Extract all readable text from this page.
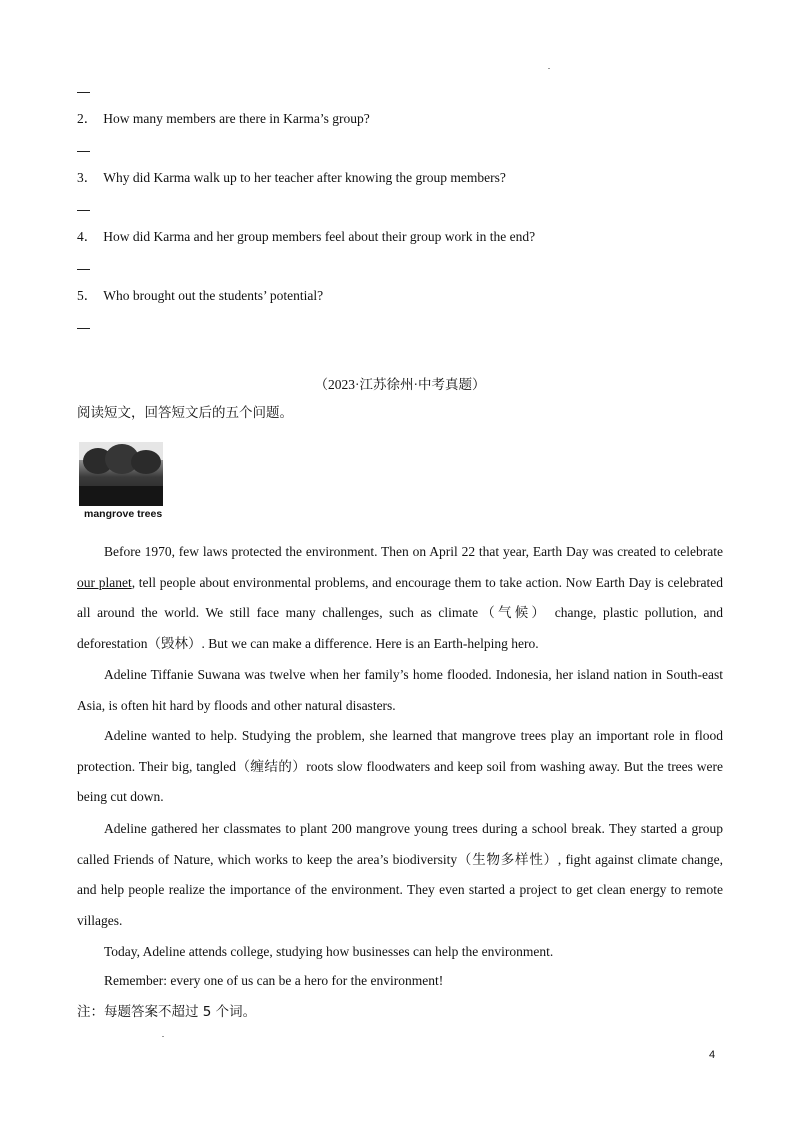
2． How many members are there in Karma’s group?
3． Why did Karma walk up to her teacher after knowing the group members?
4． How did Karma and her group members feel about their group work in the end?
5． Who brought out the students’ potential?
（2023·江苏徐州·中考真题）
阅读短文，回答短文后的五个问题。
mangrove trees

Before 1970, few laws protected the environment. Then on April 22 that year, Earth Day was created to celebrate our planet, tell people about environmental problems, and encourage them to take action. Now Earth Day is celebrated all around the world. We still face many challenges, such as climate（气候） change, plastic pollution, and deforestation（毁林）. But we can make a difference. Here is an Earth-helping hero.

Adeline Tiffanie Suwana was twelve when her family’s home flooded. Indonesia, her island nation in South-east Asia, is often hit hard by floods and other natural disasters.

Adeline wanted to help. Studying the problem, she learned that mangrove trees play an important role in flood protection. Their big, tangled（缠结的）roots slow floodwaters and keep soil from washing away. But the trees were being cut down.

Adeline gathered her classmates to plant 200 mangrove young trees during a school break. They started a group called Friends of Nature, which works to keep the area’s biodiversity（生物多样性）, fight against climate change, and help people realize the importance of the environment. They even started a project to get clean energy to remote villages.

Today, Adeline attends college, studying how businesses can help the environment.

Remember: every one of us can be a hero for the environment!

注：每题答案不超过 5 个词。
4
